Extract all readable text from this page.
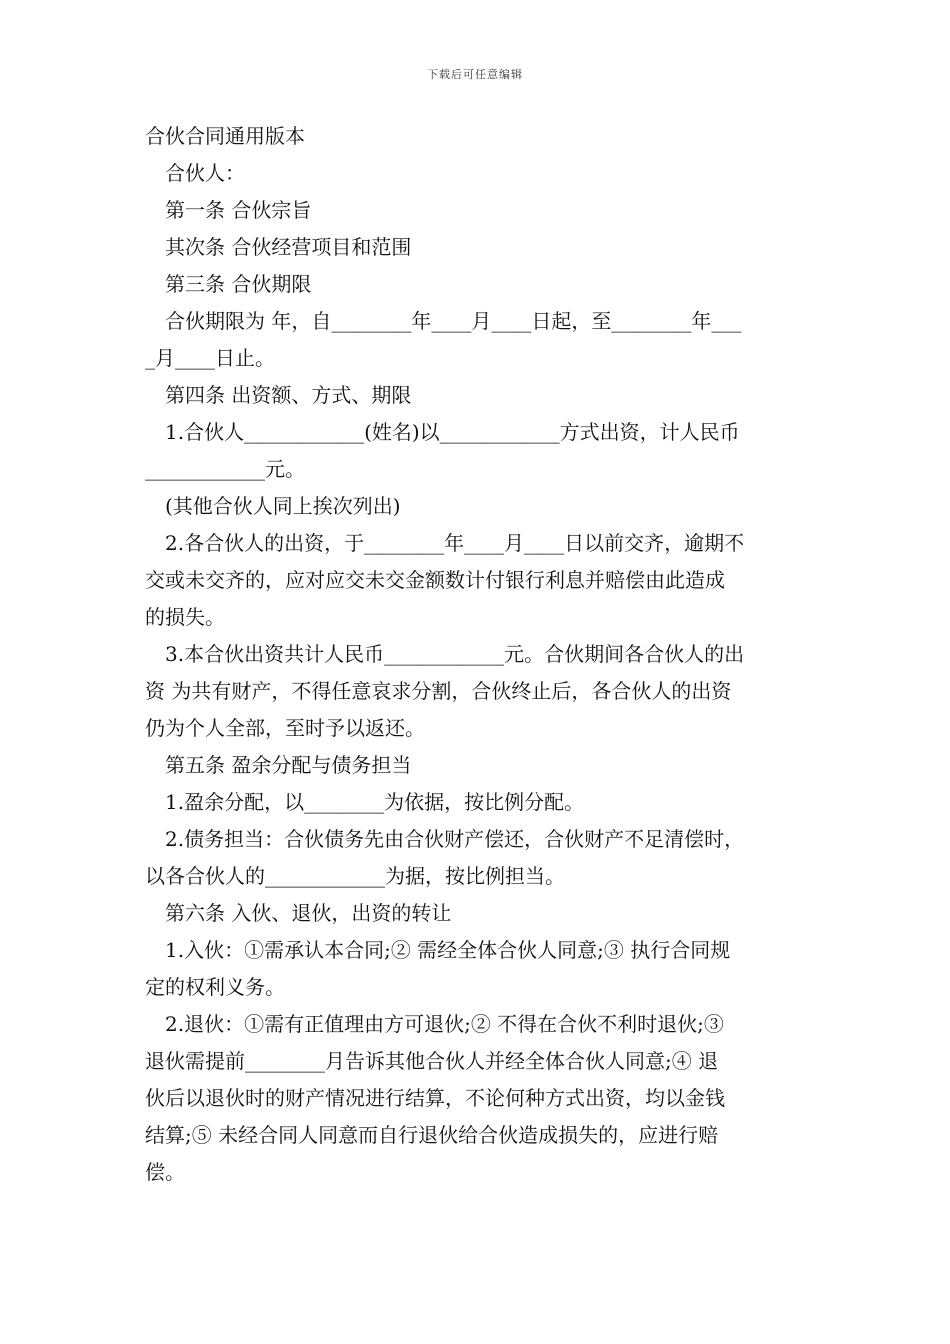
下载后可任意编辑

合伙合同通用版本

合伙人：

第一条 合伙宗旨

其次条 合伙经营项目和范围

第三条 合伙期限

合伙期限为 年，自________年____月____日起，至________年___

_月____日止。

第四条 出资额、方式、期限

1.合伙人____________(姓名)以____________方式出资，计人民币

____________元。

(其他合伙人同上挨次列出)

2.各合伙人的出资，于________年____月____日以前交齐，逾期不

交或未交齐的，应对应交未交金额数计付银行利息并赔偿由此造成

的损失。

3.本合伙出资共计人民币____________元。合伙期间各合伙人的出

资 为共有财产，不得任意哀求分割，合伙终止后，各合伙人的出资

仍为个人全部，至时予以返还。

第五条 盈余分配与债务担当

1.盈余分配，以________为依据，按比例分配。

2.债务担当：合伙债务先由合伙财产偿还，合伙财产不足清偿时，

以各合伙人的____________为据，按比例担当。

第六条 入伙、退伙，出资的转让

1.入伙：①需承认本合同;② 需经全体合伙人同意;③ 执行合同规

定的权利义务。

2.退伙：①需有正值理由方可退伙;② 不得在合伙不利时退伙;③

退伙需提前________月告诉其他合伙人并经全体合伙人同意;④ 退

伙后以退伙时的财产情况进行结算，不论何种方式出资，均以金钱

结算;⑤ 未经合同人同意而自行退伙给合伙造成损失的，应进行赔

偿。
